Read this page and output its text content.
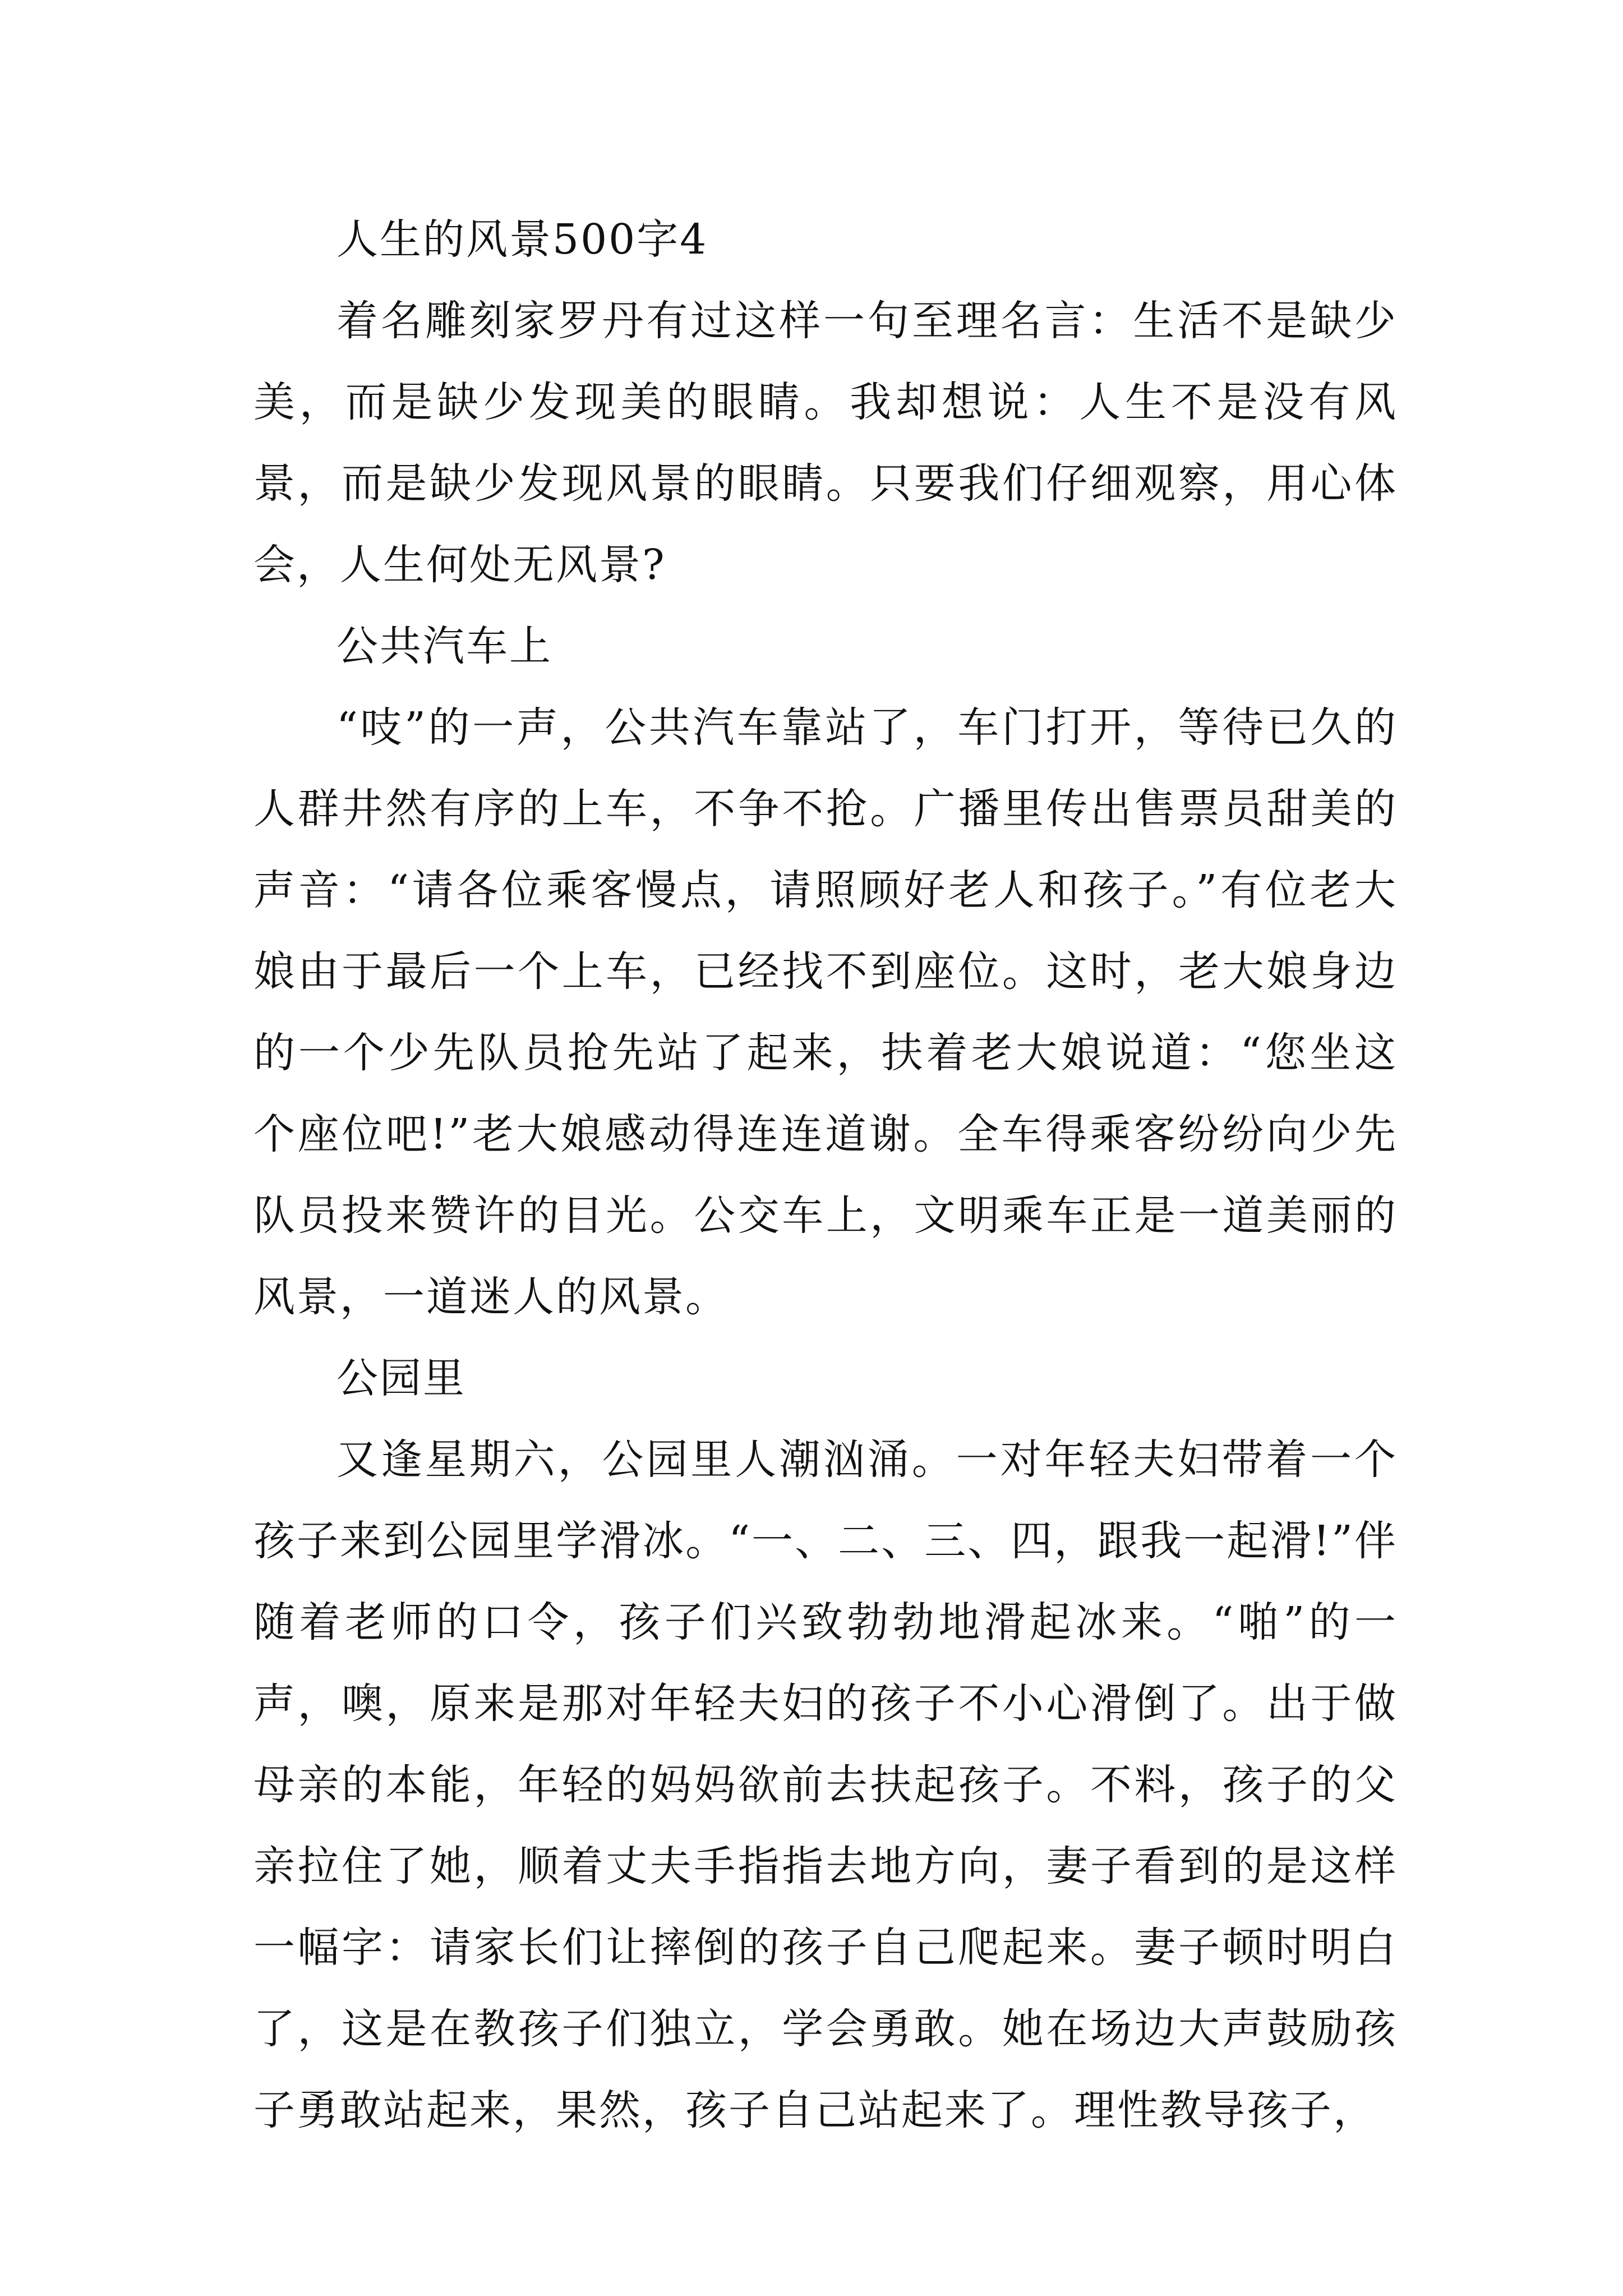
人生的风景500字4

着名雕刻家罗丹有过这样一句至理名言：生活不是缺少美，而是缺少发现美的眼睛。我却想说：人生不是没有风景，而是缺少发现风景的眼睛。只要我们仔细观察，用心体会，人生何处无风景?

公共汽车上

“吱”的一声，公共汽车靠站了，车门打开，等待已久的人群井然有序的上车，不争不抢。广播里传出售票员甜美的声音：“请各位乘客慢点，请照顾好老人和孩子。”有位老大娘由于最后一个上车，已经找不到座位。这时，老大娘身边的一个少先队员抢先站了起来，扶着老大娘说道：“您坐这个座位吧!”老大娘感动得连连道谢。全车得乘客纷纷向少先队员投来赞许的目光。公交车上，文明乘车正是一道美丽的风景，一道迷人的风景。

公园里

又逢星期六，公园里人潮汹涌。一对年轻夫妇带着一个孩子来到公园里学滑冰。“一、二、三、四，跟我一起滑!”伴随着老师的口令，孩子们兴致勃勃地滑起冰来。“啪”的一声，噢，原来是那对年轻夫妇的孩子不小心滑倒了。出于做母亲的本能，年轻的妈妈欲前去扶起孩子。不料，孩子的父亲拉住了她，顺着丈夫手指指去地方向，妻子看到的是这样一幅字：请家长们让摔倒的孩子自己爬起来。妻子顿时明白了，这是在教孩子们独立，学会勇敢。她在场边大声鼓励孩子勇敢站起来，果然，孩子自己站起来了。理性教导孩子，
